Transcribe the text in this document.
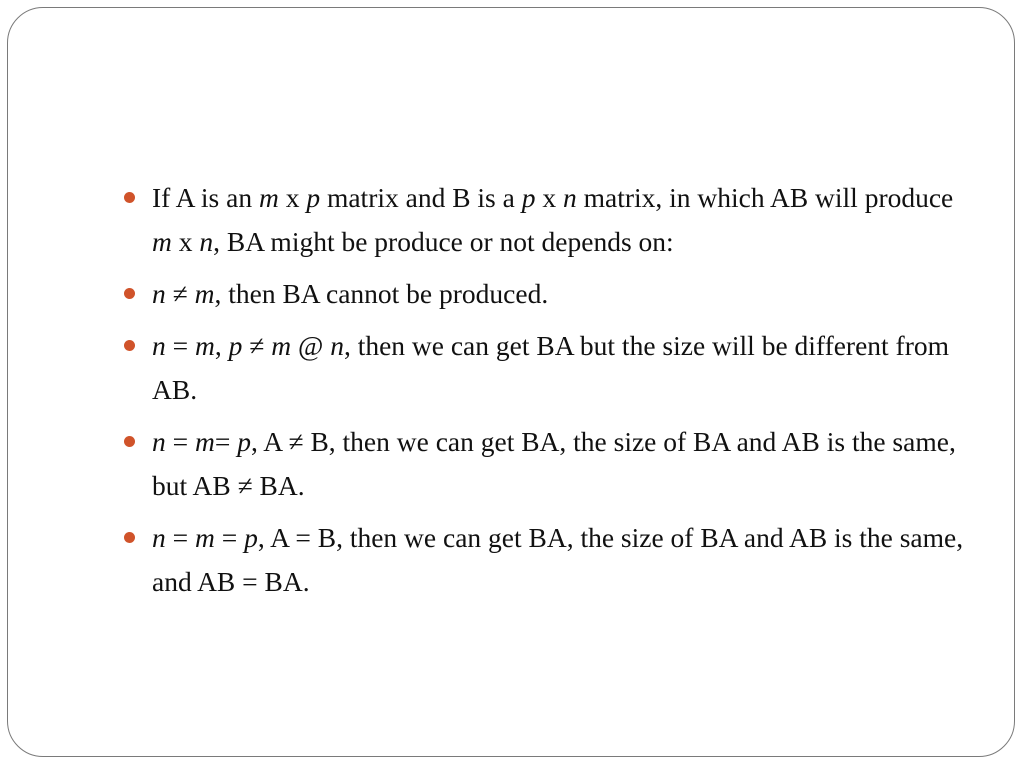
If A is an m x p matrix and B is a p x n matrix, in which AB will produce m x n, BA might be produce or not depends on:
n ≠ m, then BA cannot be produced.
n = m, p ≠ m @ n, then we can get BA but the size will be different from AB.
n = m= p, A ≠ B, then we can get BA, the size of BA and AB is the same, but AB ≠ BA.
n = m = p, A = B, then we can get BA, the size of BA and AB is the same, and AB = BA.
